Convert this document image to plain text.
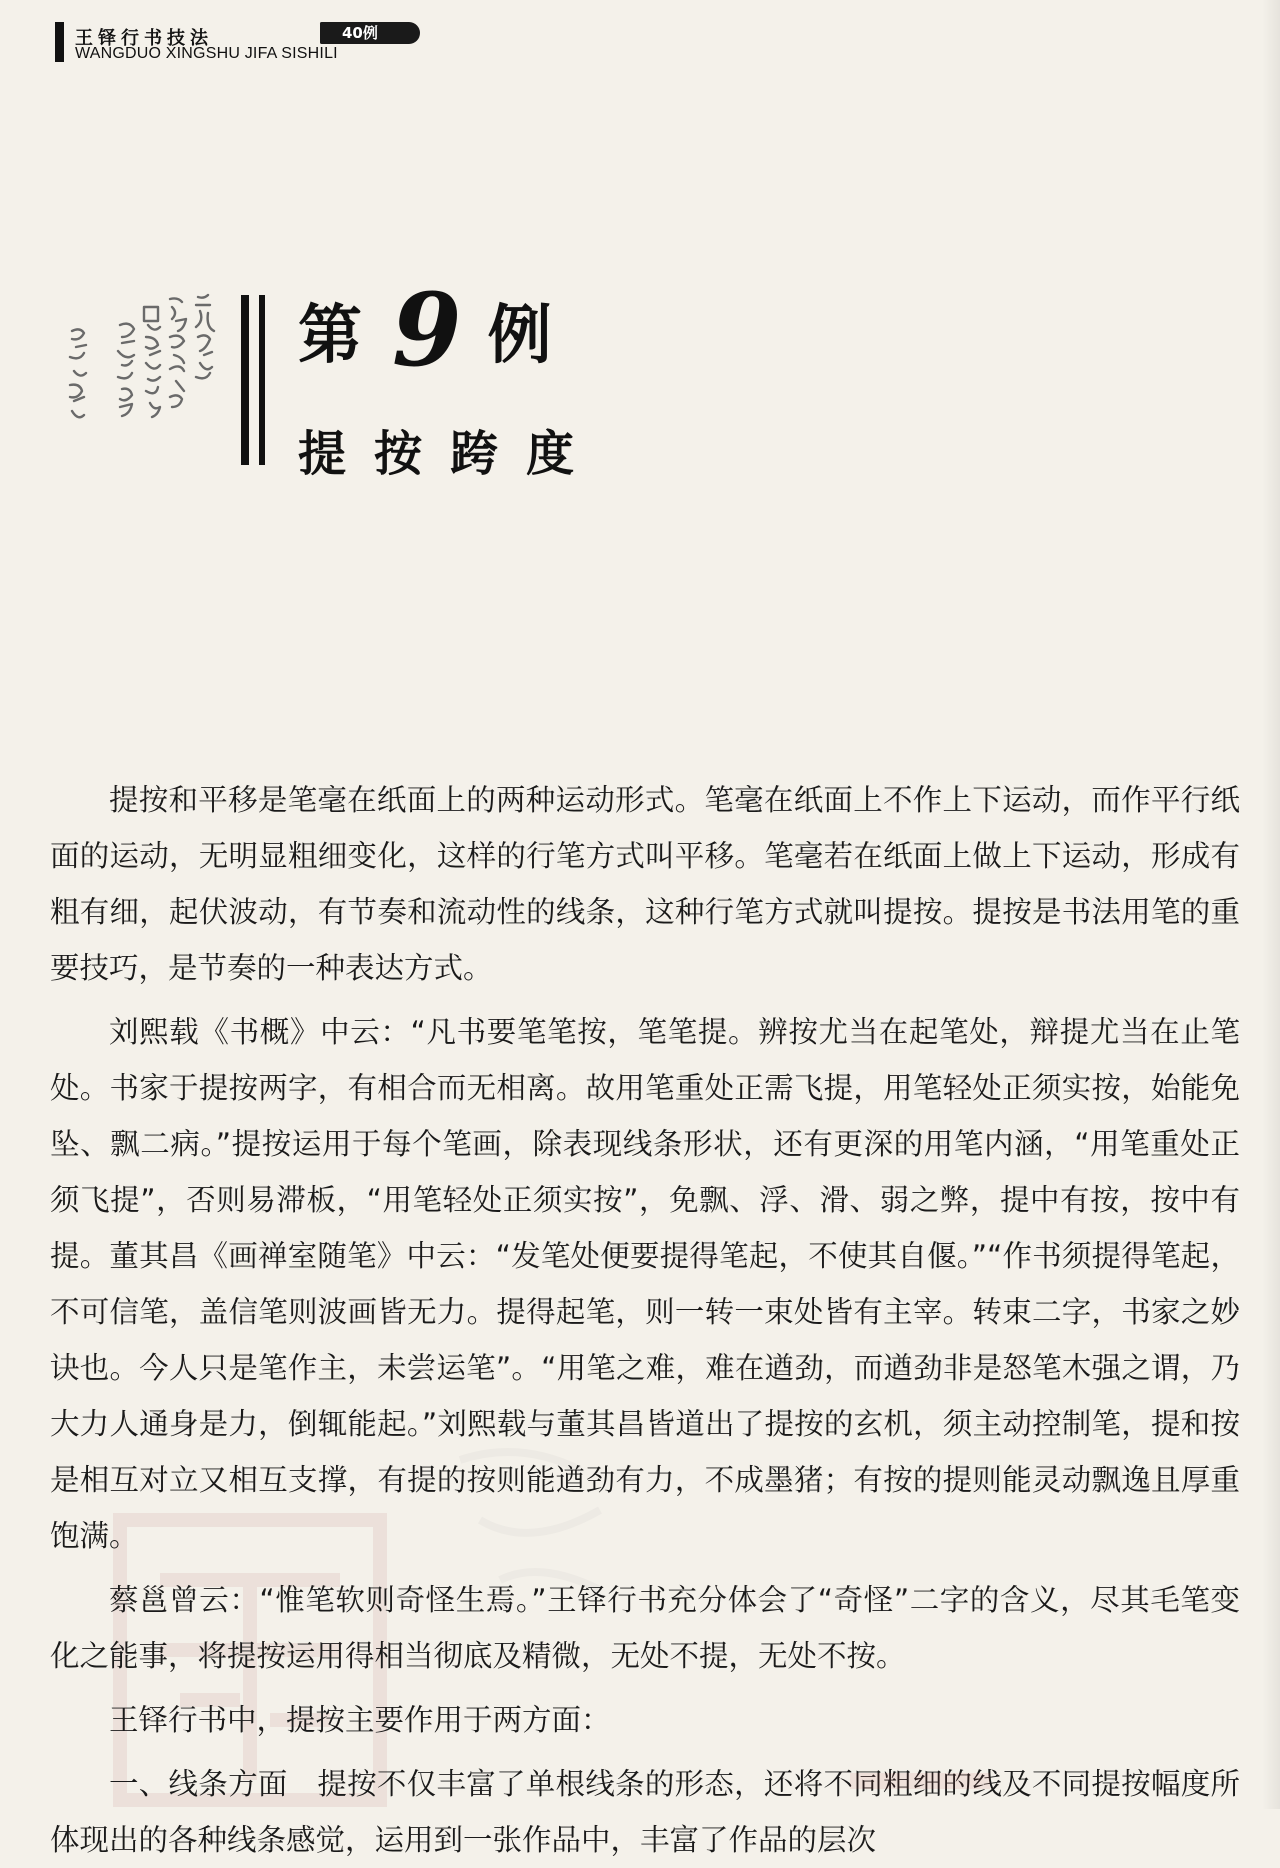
王铎行书技法	40例
WANGDUO XINGSHU JIFA SISHILI
第 9 例
提按跨度

提按和平移是笔毫在纸面上的两种运动形式。笔毫在纸面上不作上下运动，而作平行纸面的运动，无明显粗细变化，这样的行笔方式叫平移。笔毫若在纸面上做上下运动，形成有粗有细，起伏波动，有节奏和流动性的线条，这种行笔方式就叫提按。提按是书法用笔的重要技巧，是节奏的一种表达方式。

刘熙载《书概》中云：“凡书要笔笔按，笔笔提。辨按尤当在起笔处，辩提尤当在止笔处。书家于提按两字，有相合而无相离。故用笔重处正需飞提，用笔轻处正须实按，始能免坠、飘二病。”提按运用于每个笔画，除表现线条形状，还有更深的用笔内涵，“用笔重处正须飞提”，否则易滞板，“用笔轻处正须实按”，免飘、浮、滑、弱之弊，提中有按，按中有提。董其昌《画禅室随笔》中云：“发笔处便要提得笔起，不使其自偃。”“作书须提得笔起，不可信笔，盖信笔则波画皆无力。提得起笔，则一转一束处皆有主宰。转束二字，书家之妙诀也。今人只是笔作主，未尝运笔”。“用笔之难，难在遒劲，而遒劲非是怒笔木强之谓，乃大力人通身是力，倒辄能起。”刘熙载与董其昌皆道出了提按的玄机，须主动控制笔，提和按是相互对立又相互支撑，有提的按则能遒劲有力，不成墨猪；有按的提则能灵动飘逸且厚重饱满。

蔡邕曾云：“惟笔软则奇怪生焉。”王铎行书充分体会了“奇怪”二字的含义，尽其毛笔变化之能事，将提按运用得相当彻底及精微，无处不提，无处不按。

王铎行书中，提按主要作用于两方面：

一、线条方面　提按不仅丰富了单根线条的形态，还将不同粗细的线及不同提按幅度所体现出的各种线条感觉，运用到一张作品中，丰富了作品的层次
